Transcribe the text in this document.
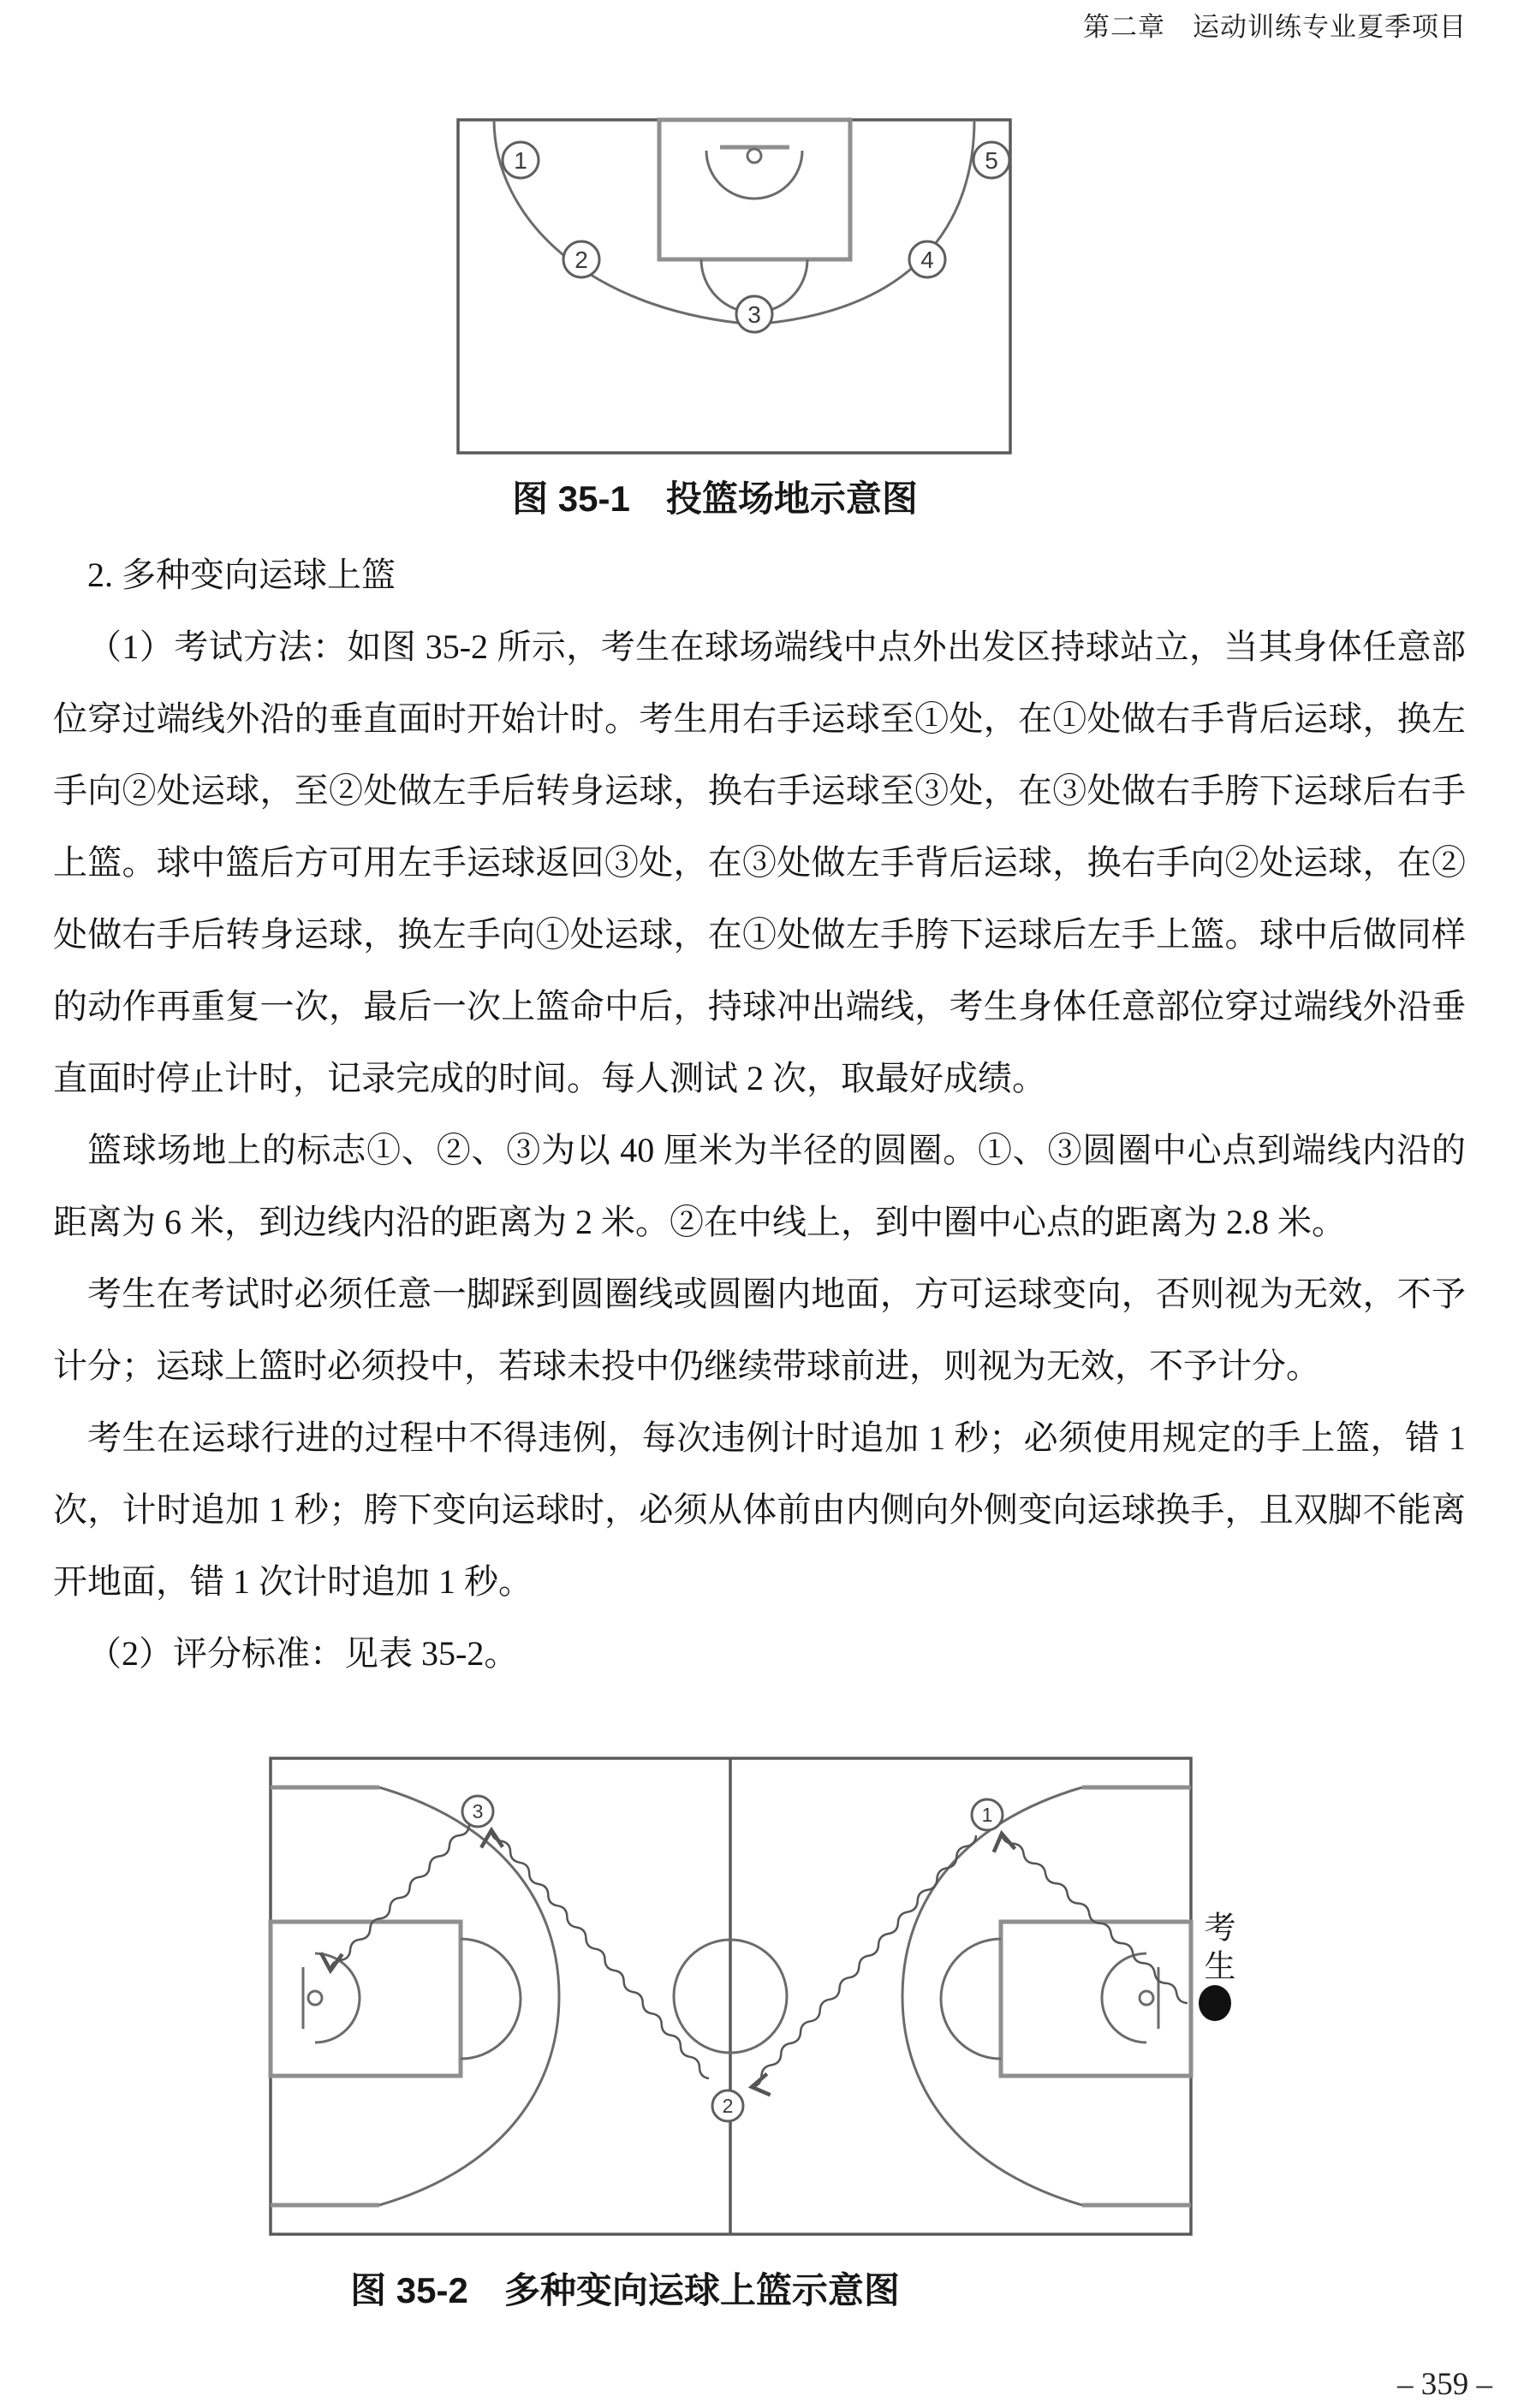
第二章　运动训练专业夏季项目
1
2
3
4
5
图 35-1　投篮场地示意图

2. 多种变向运球上篮

（1）考试方法：如图 35-2 所示，考生在球场端线中点外出发区持球站立，当其身体任意部位穿过端线外沿的垂直面时开始计时。考生用右手运球至①处，在①处做右手背后运球，换左手向②处运球，至②处做左手后转身运球，换右手运球至③处，在③处做右手胯下运球后右手上篮。球中篮后方可用左手运球返回③处，在③处做左手背后运球，换右手向②处运球，在②处做右手后转身运球，换左手向①处运球，在①处做左手胯下运球后左手上篮。球中后做同样的动作再重复一次，最后一次上篮命中后，持球冲出端线，考生身体任意部位穿过端线外沿垂直面时停止计时，记录完成的时间。每人测试 2 次，取最好成绩。

篮球场地上的标志①、②、③为以 40 厘米为半径的圆圈。①、③圆圈中心点到端线内沿的距离为 6 米，到边线内沿的距离为 2 米。②在中线上，到中圈中心点的距离为 2.8 米。

考生在考试时必须任意一脚踩到圆圈线或圆圈内地面，方可运球变向，否则视为无效，不予计分；运球上篮时必须投中，若球未投中仍继续带球前进，则视为无效，不予计分。

考生在运球行进的过程中不得违例，每次违例计时追加 1 秒；必须使用规定的手上篮，错 1 次，计时追加 1 秒；胯下变向运球时，必须从体前由内侧向外侧变向运球换手，且双脚不能离开地面，错 1 次计时追加 1 秒。

（2）评分标准：见表 35-2。

1
2
3
考生
图 35-2　多种变向运球上篮示意图
– 359 –
